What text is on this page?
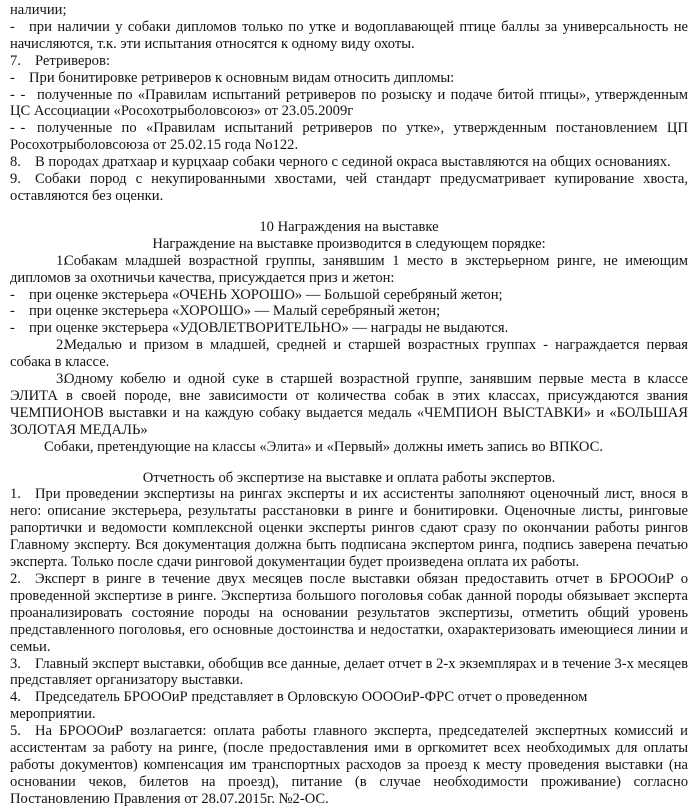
наличии;

- при наличии у собаки дипломов только по утке и водоплавающей птице баллы за универсальность не начисляются, т.к. эти испытания относятся к одному виду охоты.

7. Ретриверов:

- При бонитировке ретриверов к основным видам относить дипломы:

- - полученные по «Правилам испытаний ретриверов по розыску и подаче битой птицы», утвержденным ЦС Ассоциации «Росохотрыболовсоюз» от 23.05.2009г

- - полученные по «Правилам испытаний ретриверов по утке», утвержденным постановлением ЦП Росохотрыболовсоюза от 25.02.15 года No122.

8. В породах дратхаар и курцхаар собаки черного с сединой окраса выставляются на общих основаниях.

9. Собаки пород с некупированными хвостами, чей стандарт предусматривает купирование хвоста, оставляются без оценки.

10 Награждения на выставке

Награждение на выставке производится в следующем порядке:

1.Собакам младшей возрастной группы, занявшим 1 место в экстерьерном ринге, не имеющим дипломов за охотничьи качества, присуждается приз и жетон:

- при оценке экстерьера «ОЧЕНЬ ХОРОШО» — Большой серебряный жетон;

- при оценке экстерьера «ХОРОШО» — Малый серебряный жетон;

- при оценке экстерьера «УДОВЛЕТВОРИТЕЛЬНО» — награды не выдаются.

2.Медалью и призом в младшей, средней и старшей возрастных группах - награждается первая собака в классе.

3.Одному кобелю и одной суке в старшей возрастной группе, занявшим первые места в классе ЭЛИТА в своей породе, вне зависимости от количества собак в этих классах, присуждаются звания ЧЕМПИОНОВ выставки и на каждую собаку выдается медаль «ЧЕМПИОН ВЫСТАВКИ» и «БОЛЬШАЯ ЗОЛОТАЯ МЕДАЛЬ»

Собаки, претендующие на классы «Элита» и «Первый» должны иметь запись во ВПКОС.

Отчетность об экспертизе на выставке и оплата работы экспертов.

1. При проведении экспертизы на рингах эксперты и их ассистенты заполняют оценочный лист, внося в него: описание экстерьера, результаты расстановки в ринге и бонитировки. Оценочные листы, ринговые рапортички и ведомости комплексной оценки эксперты рингов сдают сразу по окончании работы рингов Главному эксперту. Вся документация должна быть подписана экспертом ринга, подпись заверена печатью эксперта. Только после сдачи ринговой документации будет произведена оплата их работы.

2. Эксперт в ринге в течение двух месяцев после выставки обязан предоставить отчет в БРОООиР о проведенной экспертизе в ринге. Экспертиза большого поголовья собак данной породы обязывает эксперта проанализировать состояние породы на основании результатов экспертизы, отметить общий уровень представленного поголовья, его основные достоинства и недостатки, охарактеризовать имеющиеся линии и семьи.

3. Главный эксперт выставки, обобщив все данные, делает отчет в 2-х экземплярах и в течение 3-х месяцев представляет организатору выставки.

4. Председатель БРОООиР представляет в Орловскую ООООиР-ФРС отчет о проведенном
мероприятии.

5. На БРОООиР возлагается: оплата работы главного эксперта, председателей экспертных комиссий и ассистентам за работу на ринге, (после предоставления ими в оргкомитет всех необходимых для оплаты работы документов) компенсация им транспортных расходов за проезд к месту проведения выставки (на основании чеков, билетов на проезд), питание (в случае необходимости проживание) согласно Постановлению Правления от 28.07.2015г. №2-ОС.
